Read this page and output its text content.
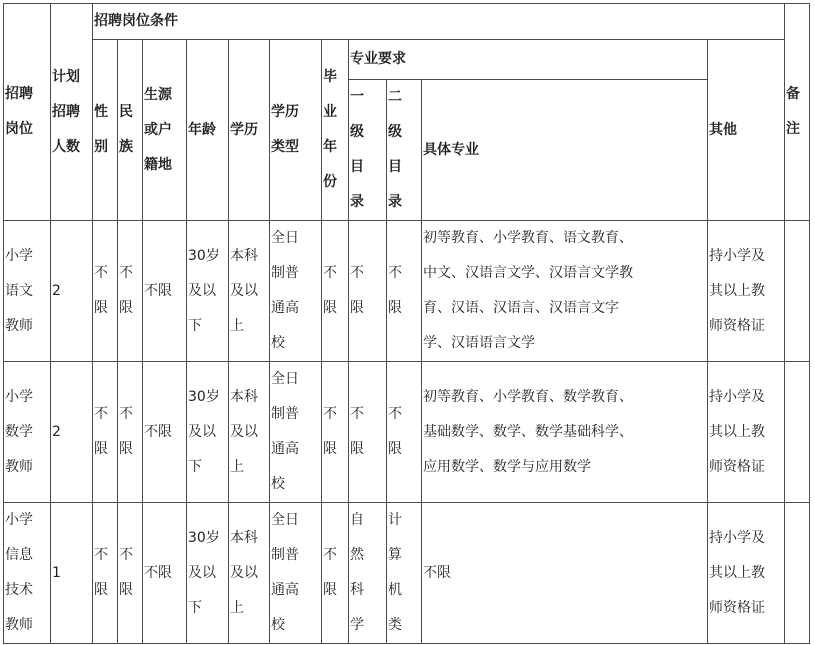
招聘岗位	计划招聘人数	招聘岗位条件											备注

		性别	民族	生源或户籍地	年龄	学历	学历类型	毕业年份	专业要求			其他	

									一级目录	二级目录	具体专业		

小学语文教师	2	不限	不限	不限	30岁及以下	本科及以上	全日制普通高校	不限	不限	不限	初等教育、小学教育、语文教育、中文、汉语言文学、汉语言文学教育、汉语、汉语言、汉语言文字学、汉语语言文学	持小学及其以上教师资格证	

小学数学教师	2	不限	不限	不限	30岁及以下	本科及以上	全日制普通高校	不限	不限	不限	初等教育、小学教育、数学教育、基础数学、数学、数学基础科学、应用数学、数学与应用数学	持小学及其以上教师资格证	

小学信息技术教师	1	不限	不限	不限	30岁及以下	本科及以上	全日制普通高校	不限	自然科学	计算机类	不限	持小学及其以上教师资格证	
